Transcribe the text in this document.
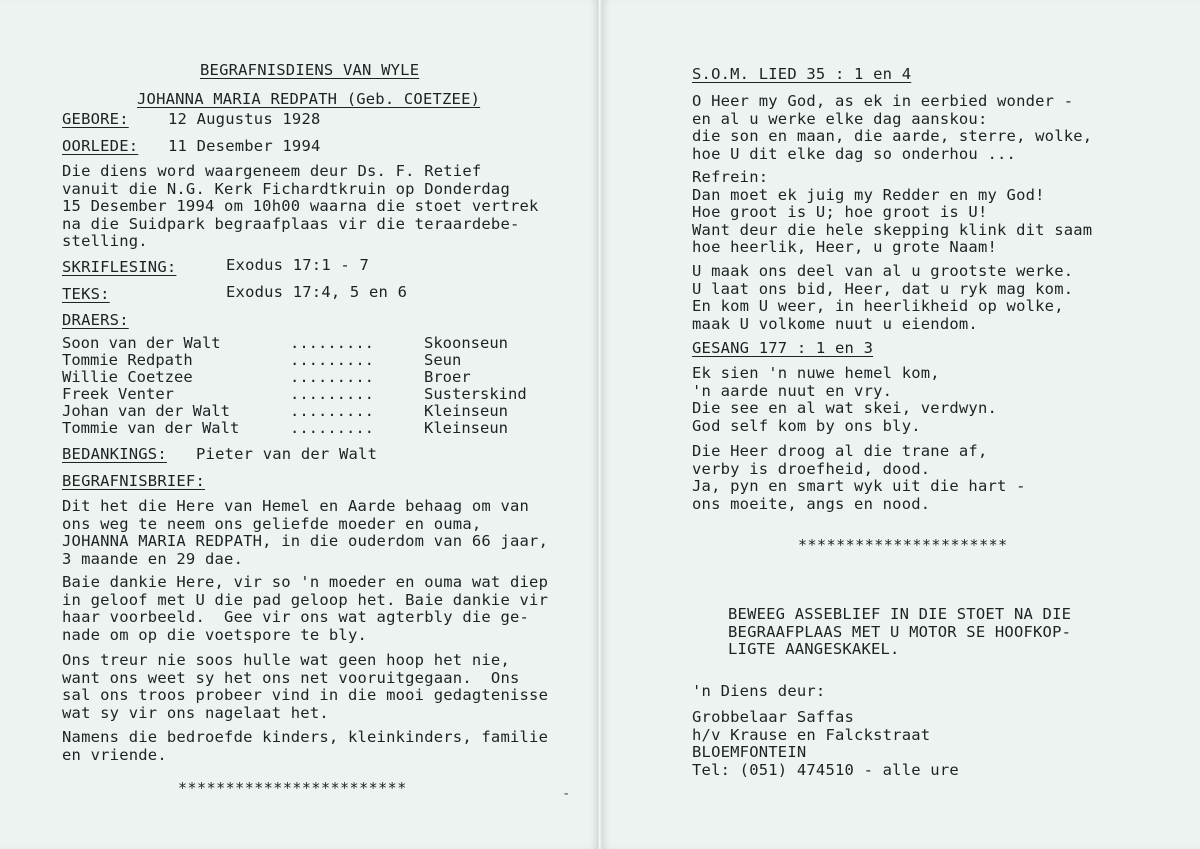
BEGRAFNISDIENS VAN WYLE
JOHANNA MARIA REDPATH (Geb. COETZEE)
GEBORE:	12 Augustus 1928
OORLEDE: 11 Desember 1994
Die diens word waargeneem deur Ds. F. Retief
vanuit die N.G. Kerk Fichardtkruin op Donderdag
15 Desember 1994 om 10h00 waarna die stoet vertrek
na die Suidpark begraafplaas vir die teraardebe-
stelling.
SKRIFLESING:	Exodus 17:1 - 7
TEKS:	Exodus 17:4, 5 en 6
DRAERS:
Soon van der Walt	.........	Skoonseun
Tommie Redpath	.........	Seun
Willie Coetzee	.........	Broer
Freek Venter	.........	Susterskind
Johan van der Walt	.........	Kleinseun
Tommie van der Walt	.........	Kleinseun
BEDANKINGS: Pieter van der Walt
BEGRAFNISBRIEF:
Dit het die Here van Hemel en Aarde behaag om van
ons weg te neem ons geliefde moeder en ouma,
JOHANNA MARIA REDPATH, in die ouderdom van 66 jaar,
3 maande en 29 dae.
Baie dankie Here, vir so 'n moeder en ouma wat diep
in geloof met U die pad geloop het. Baie dankie vir
haar voorbeeld.  Gee vir ons wat agterbly die ge-
nade om op die voetspore te bly.
Ons treur nie soos hulle wat geen hoop het nie,
want ons weet sy het ons net vooruitgegaan.  Ons
sal ons troos probeer vind in die mooi gedagtenisse
wat sy vir ons nagelaat het.
Namens die bedroefde kinders, kleinkinders, familie
en vriende.
************************	-
S.O.M. LIED 35 : 1 en 4
O Heer my God, as ek in eerbied wonder -
en al u werke elke dag aanskou:
die son en maan, die aarde, sterre, wolke,
hoe U dit elke dag so onderhou ...
Refrein:
Dan moet ek juig my Redder en my God!
Hoe groot is U; hoe groot is U!
Want deur die hele skepping klink dit saam
hoe heerlik, Heer, u grote Naam!
U maak ons deel van al u grootste werke.
U laat ons bid, Heer, dat u ryk mag kom.
En kom U weer, in heerlikheid op wolke,
maak U volkome nuut u eiendom.
GESANG 177 : 1 en 3
Ek sien 'n nuwe hemel kom,
'n aarde nuut en vry.
Die see en al wat skei, verdwyn.
God self kom by ons bly.
Die Heer droog al die trane af,
verby is droefheid, dood.
Ja, pyn en smart wyk uit die hart -
ons moeite, angs en nood.
**********************
BEWEEG ASSEBLIEF IN DIE STOET NA DIE
BEGRAAFPLAAS MET U MOTOR SE HOOFKOP-
LIGTE AANGESKAKEL.
'n Diens deur:
Grobbelaar Saffas
h/v Krause en Falckstraat
BLOEMFONTEIN
Tel: (051) 474510 - alle ure
